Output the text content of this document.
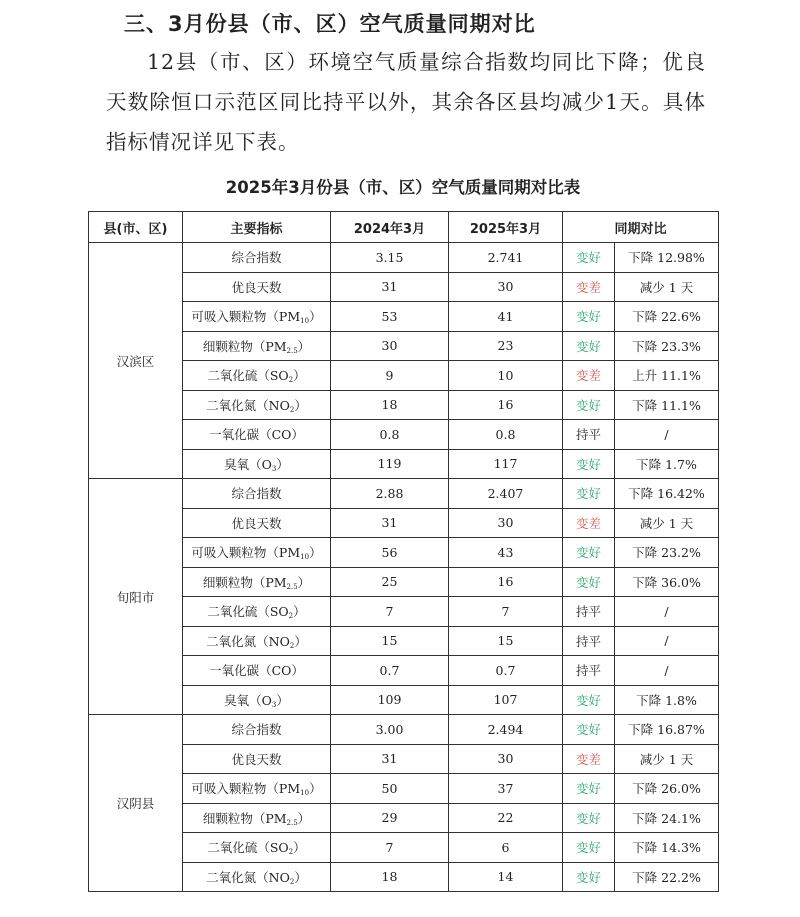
三、3月份县（市、区）空气质量同期对比
12县（市、区）环境空气质量综合指数均同比下降；优良天数除恒口示范区同比持平以外，其余各区县均减少1天。具体指标情况详见下表。
2025年3月份县（市、区）空气质量同期对比表
县(市、区)	主要指标	2024年3月	2025年3月	同期对比	
汉滨区	综合指数	3.15	2.741	变好	下降 12.98%
	优良天数	31	30	变差	减少 1 天
	可吸入颗粒物$(PM_{10})$	53	41	变好	下降 22.6%
	细颗粒物$(PM_{2.5})$	30	23	变好	下降 23.3%
	二氧化硫$(SO_2)$	9	10	变差	上升 11.1%
	二氧化氮$(NO_2)$	18	16	变好	下降 11.1%
	一氧化碳（CO）	0.8	0.8	持平	/
	臭氧$(O_3)$	119	117	变好	下降 1.7%
旬阳市	综合指数	2.88	2.407	变好	下降 16.42%
	优良天数	31	30	变差	减少 1 天
	可吸入颗粒物$(PM_{10})$	56	43	变好	下降 23.2%
	细颗粒物$(PM_{2.5})$	25	16	变好	下降 36.0%
	二氧化硫$(SO_2)$	7	7	持平	/
	二氧化氮$(NO_2)$	15	15	持平	/
	一氧化碳（CO）	0.7	0.7	持平	/
	臭氧$(O_3)$	109	107	变好	下降 1.8%
汉阴县	综合指数	3.00	2.494	变好	下降 16.87%
	优良天数	31	30	变差	减少 1 天
	可吸入颗粒物$(PM_{10})$	50	37	变好	下降 26.0%
	细颗粒物$(PM_{2.5})$	29	22	变好	下降 24.1%
	二氧化硫$(SO_2)$	7	6	变好	下降 14.3%
	二氧化氮$(NO_2)$	18	14	变好	下降 22.2%
